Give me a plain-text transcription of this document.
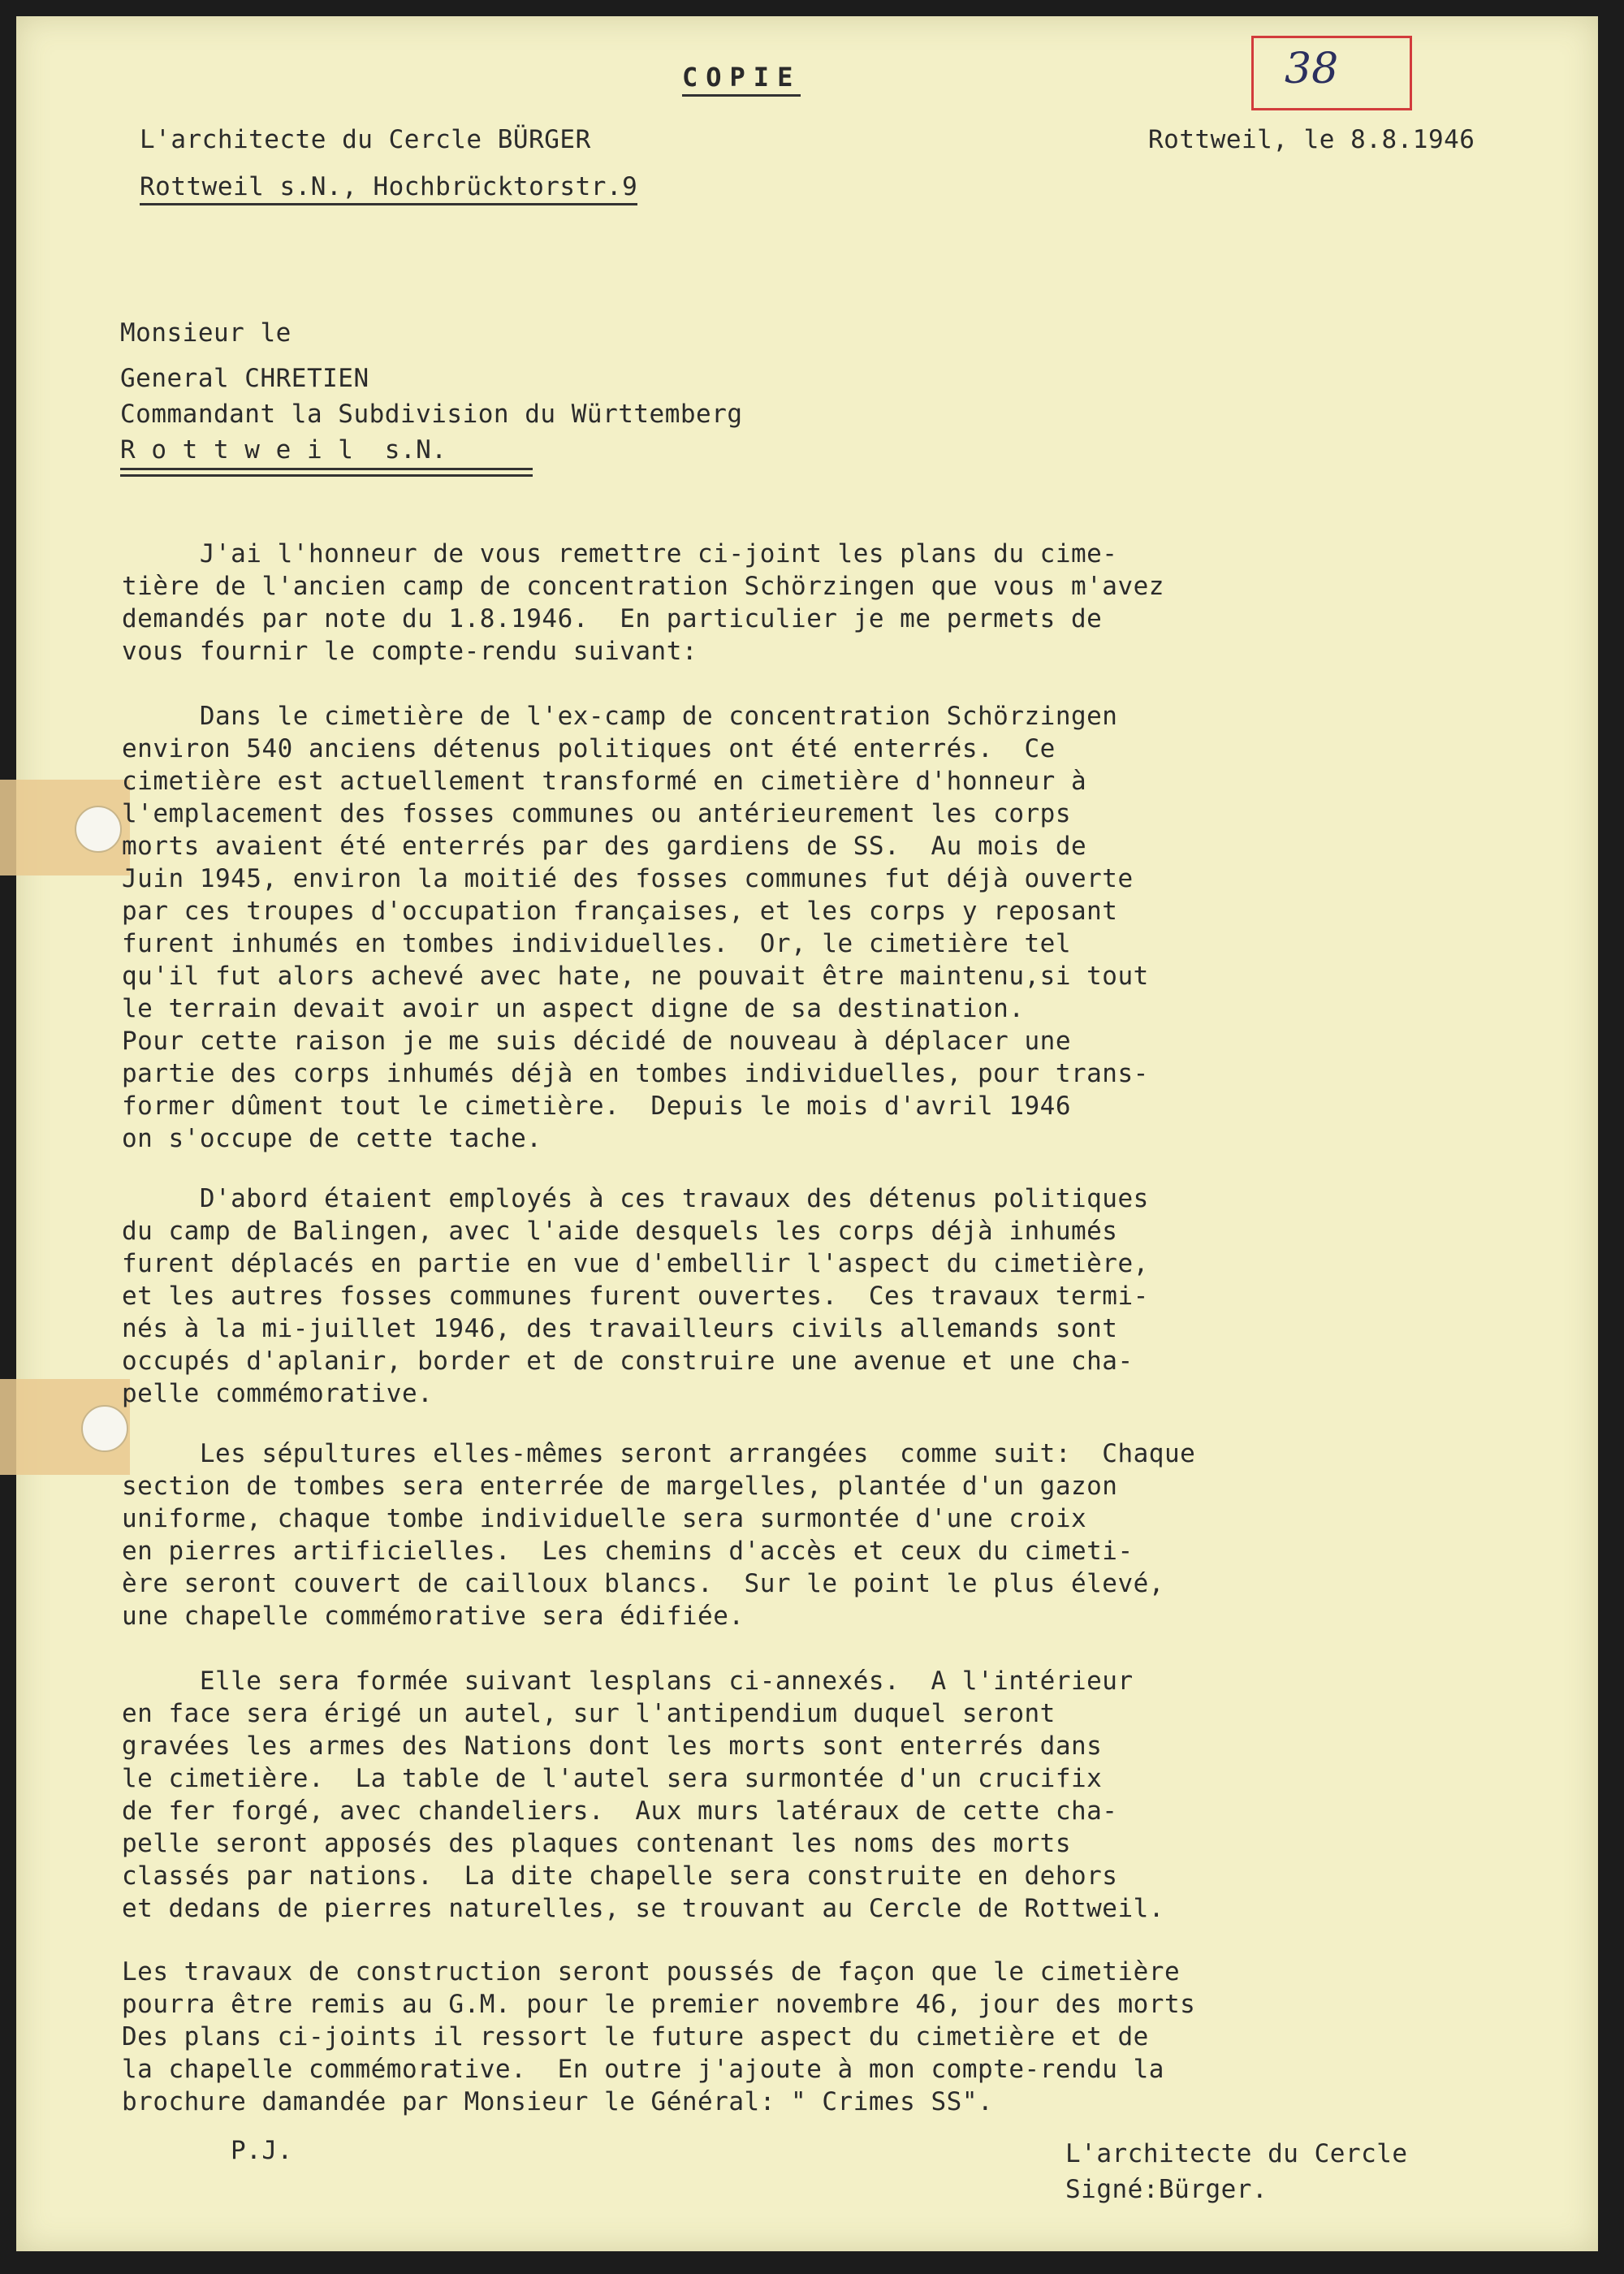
38
COPIE
L'architecte du Cercle BÜRGER
Rottweil s.N., Hochbrücktorstr.9
Rottweil, le 8.8.1946
Monsieur le
General CHRETIEN
Commandant la Subdivision du Württemberg
R o t t w e i l  s.N.
J'ai l'honneur de vous remettre ci-joint les plans du cime-
tière de l'ancien camp de concentration Schörzingen que vous m'avez
demandés par note du 1.8.1946.  En particulier je me permets de
vous fournir le compte-rendu suivant:
Dans le cimetière de l'ex-camp de concentration Schörzingen
environ 540 anciens détenus politiques ont été enterrés.  Ce
cimetière est actuellement transformé en cimetière d'honneur à
l'emplacement des fosses communes ou antérieurement les corps
morts avaient été enterrés par des gardiens de SS.  Au mois de
Juin 1945, environ la moitié des fosses communes fut déjà ouverte
par ces troupes d'occupation françaises, et les corps y reposant
furent inhumés en tombes individuelles.  Or, le cimetière tel
qu'il fut alors achevé avec hate, ne pouvait être maintenu,si tout
le terrain devait avoir un aspect digne de sa destination.
Pour cette raison je me suis décidé de nouveau à déplacer une
partie des corps inhumés déjà en tombes individuelles, pour trans-
former dûment tout le cimetière.  Depuis le mois d'avril 1946
on s'occupe de cette tache.
D'abord étaient employés à ces travaux des détenus politiques
du camp de Balingen, avec l'aide desquels les corps déjà inhumés
furent déplacés en partie en vue d'embellir l'aspect du cimetière,
et les autres fosses communes furent ouvertes.  Ces travaux termi-
nés à la mi-juillet 1946, des travailleurs civils allemands sont
occupés d'aplanir, border et de construire une avenue et une cha-
pelle commémorative.
Les sépultures elles-mêmes seront arrangées  comme suit:  Chaque
section de tombes sera enterrée de margelles, plantée d'un gazon
uniforme, chaque tombe individuelle sera surmontée d'une croix
en pierres artificielles.  Les chemins d'accès et ceux du cimeti-
ère seront couvert de cailloux blancs.  Sur le point le plus élevé,
une chapelle commémorative sera édifiée.
Elle sera formée suivant lesplans ci-annexés.  A l'intérieur
en face sera érigé un autel, sur l'antipendium duquel seront
gravées les armes des Nations dont les morts sont enterrés dans
le cimetière.  La table de l'autel sera surmontée d'un crucifix
de fer forgé, avec chandeliers.  Aux murs latéraux de cette cha-
pelle seront apposés des plaques contenant les noms des morts
classés par nations.  La dite chapelle sera construite en dehors
et dedans de pierres naturelles, se trouvant au Cercle de Rottweil.
Les travaux de construction seront poussés de façon que le cimetière
pourra être remis au G.M. pour le premier novembre 46, jour des morts
Des plans ci-joints il ressort le future aspect du cimetière et de
la chapelle commémorative.  En outre j'ajoute à mon compte-rendu la
brochure damandée par Monsieur le Général: " Crimes SS".
P.J.	L'architecte du Cercle
Signé:Bürger.
